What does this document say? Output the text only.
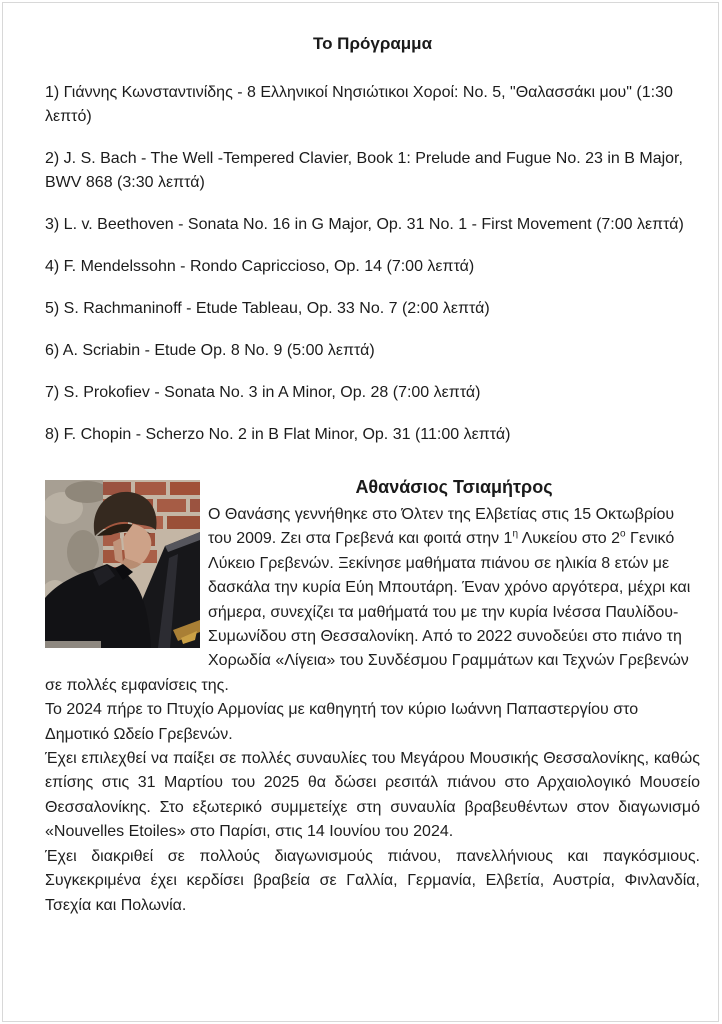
Το Πρόγραμμα

1) Γιάννης Κωνσταντινίδης - 8 Ελληνικοί Νησιώτικοι Χοροί: No. 5, "Θαλασσάκι μου" (1:30 λεπτό)

2) J. S. Bach - The Well -Tempered Clavier, Book 1: Prelude and Fugue No. 23 in B Major, BWV 868 (3:30 λεπτά)

3) L. v. Beethoven - Sonata No. 16 in G Major, Op. 31 No. 1 - First Movement (7:00 λεπτά)

4) F. Mendelssohn - Rondo Capriccioso, Op. 14 (7:00 λεπτά)

5) S. Rachmaninoff - Etude Tableau, Op. 33 No. 7 (2:00 λεπτά)

6) A. Scriabin - Etude Op. 8 No. 9 (5:00 λεπτά)

7) S. Prokofiev - Sonata No. 3 in A Minor, Op. 28 (7:00 λεπτά)

8) F. Chopin - Scherzo No. 2 in B Flat Minor, Op. 31 (11:00 λεπτά)

Αθανάσιος Τσιαμήτρος

Ο Θανάσης γεννήθηκε στο Όλτεν της Ελβετίας στις 15 Οκτωβρίου του 2009. Ζει στα Γρεβενά και φοιτά στην $1^\eta$ Λυκείου στο $2^o$ Γενικό Λύκειο Γρεβενών. Ξεκίνησε μαθήματα πιάνου σε ηλικία 8 ετών με δασκάλα την κυρία Εύη Μπουτάρη. Έναν χρόνο αργότερα, μέχρι και σήμερα, συνεχίζει τα μαθήματά του με την κυρία Ινέσσα Παυλίδου-Συμωνίδου στη Θεσσαλονίκη. Από το 2022 συνοδεύει στο πιάνο τη Χορωδία «Λίγεια» του Συνδέσμου Γραμμάτων και Τεχνών Γρεβενών σε πολλές εμφανίσεις της.

Το 2024 πήρε το Πτυχίο Αρμονίας με καθηγητή τον κύριο Ιωάννη Παπαστεργίου στο Δημοτικό Ωδείο Γρεβενών.

Έχει επιλεχθεί να παίξει σε πολλές συναυλίες του Μεγάρου Μουσικής Θεσσαλονίκης, καθώς επίσης στις 31 Μαρτίου του 2025 θα δώσει ρεσιτάλ πιάνου στο Αρχαιολογικό Μουσείο Θεσσαλονίκης. Στο εξωτερικό συμμετείχε στη συναυλία βραβευθέντων στον διαγωνισμό «Nouvelles Etoiles» στο Παρίσι, στις 14 Ιουνίου του 2024.

Έχει διακριθεί σε πολλούς διαγωνισμούς πιάνου, πανελλήνιους και παγκόσμιους. Συγκεκριμένα έχει κερδίσει βραβεία σε Γαλλία, Γερμανία, Ελβετία, Αυστρία, Φινλανδία, Τσεχία και Πολωνία.
